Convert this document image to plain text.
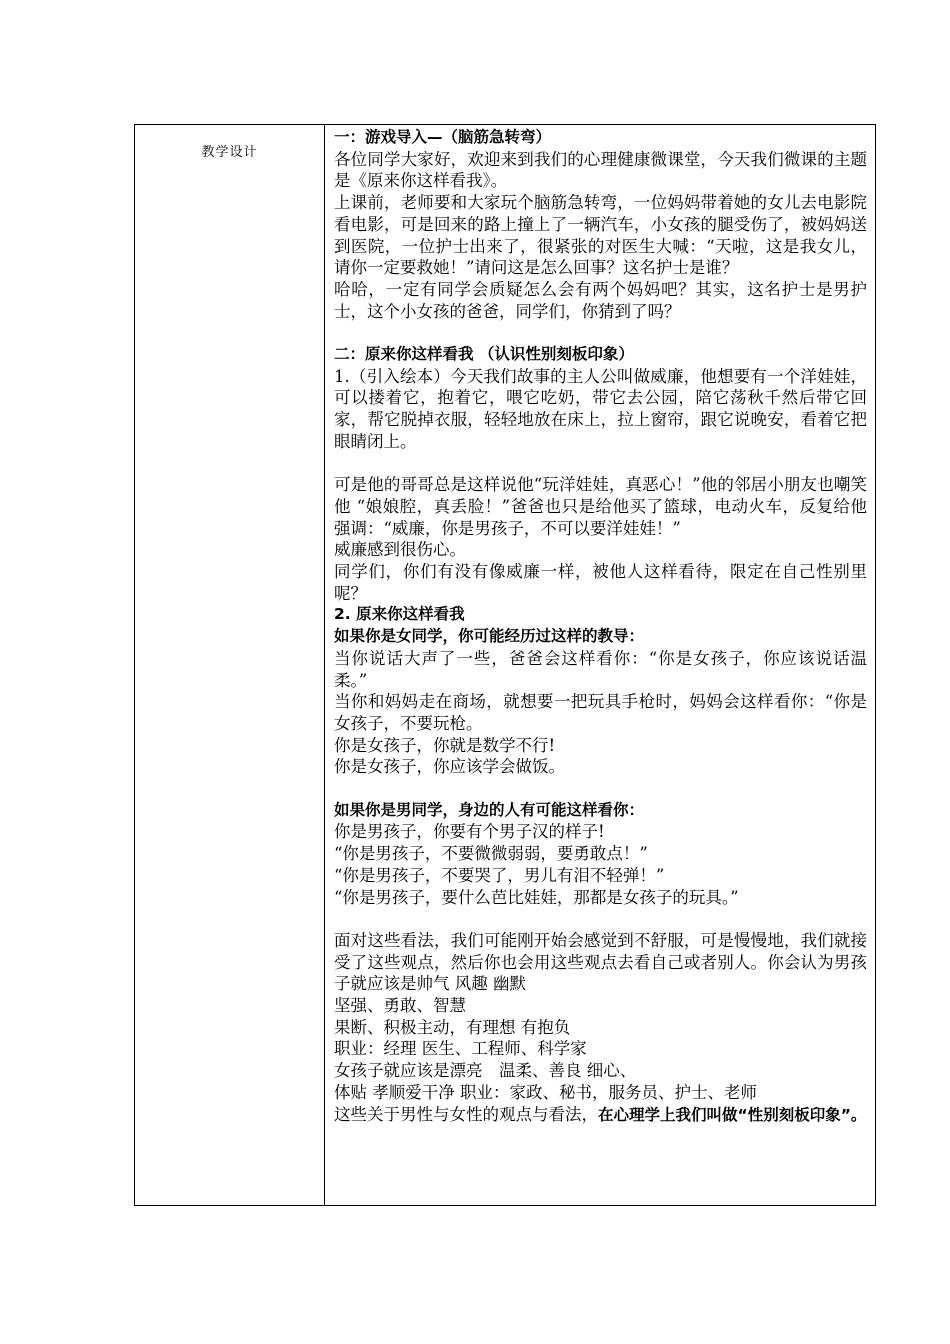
教学设计

一：游戏导入—（脑筋急转弯）

各位同学大家好，欢迎来到我们的心理健康微课堂，今天我们微课的主题是《原来你这样看我》。

上课前，老师要和大家玩个脑筋急转弯，一位妈妈带着她的女儿去电影院看电影，可是回来的路上撞上了一辆汽车，小女孩的腿受伤了，被妈妈送到医院，一位护士出来了，很紧张的对医生大喊：“天啦，这是我女儿，请你一定要救她！”请问这是怎么回事？这名护士是谁？

哈哈，一定有同学会质疑怎么会有两个妈妈吧？其实，这名护士是男护士，这个小女孩的爸爸，同学们，你猜到了吗？

二：原来你这样看我 （认识性别刻板印象）

1.（引入绘本）今天我们故事的主人公叫做威廉，他想要有一个洋娃娃，可以搂着它，抱着它，喂它吃奶，带它去公园，陪它荡秋千然后带它回家，帮它脱掉衣服，轻轻地放在床上，拉上窗帘，跟它说晚安，看着它把眼睛闭上。

可是他的哥哥总是这样说他“玩洋娃娃，真恶心！”他的邻居小朋友也嘲笑他 “娘娘腔，真丢脸！”爸爸也只是给他买了篮球，电动火车，反复给他强调：“威廉，你是男孩子，不可以要洋娃娃！”

威廉感到很伤心。

同学们，你们有没有像威廉一样，被他人这样看待，限定在自己性别里呢？

2. 原来你这样看我

如果你是女同学，你可能经历过这样的教导：

当你说话大声了一些，爸爸会这样看你：“你是女孩子，你应该说话温柔。”

当你和妈妈走在商场，就想要一把玩具手枪时，妈妈会这样看你：“你是女孩子，不要玩枪。

你是女孩子，你就是数学不行!

你是女孩子，你应该学会做饭。

如果你是男同学，身边的人有可能这样看你：

你是男孩子，你要有个男子汉的样子!

“你是男孩子，不要微微弱弱，要勇敢点！”

“你是男孩子，不要哭了，男儿有泪不轻弹！”

“你是男孩子，要什么芭比娃娃，那都是女孩子的玩具。”

面对这些看法，我们可能刚开始会感觉到不舒服，可是慢慢地，我们就接受了这些观点，然后你也会用这些观点去看自己或者别人。你会认为男孩子就应该是帅气 风趣 幽默

坚强、勇敢、智慧

果断、积极主动，有理想 有抱负

职业：经理 医生、工程师、科学家

女孩子就应该是漂亮　温柔、善良 细心、

体贴 孝顺爱干净 职业：家政、秘书，服务员、护士、老师

这些关于男性与女性的观点与看法，在心理学上我们叫做“性别刻板印象”。
